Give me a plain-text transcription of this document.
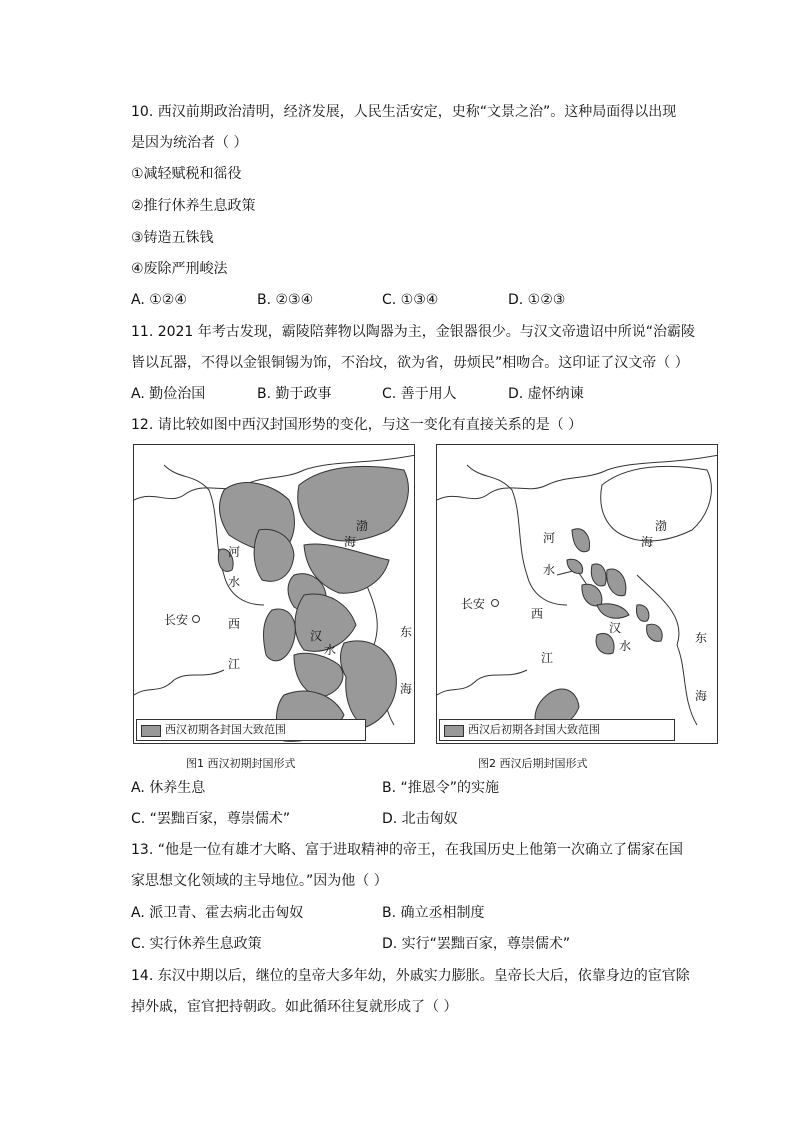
10. 西汉前期政治清明，经济发展，人民生活安定，史称“文景之治”。这种局面得以出现
是因为统治者（ ）
①减轻赋税和徭役
②推行休养生息政策
③铸造五铢钱
④废除严刑峻法
A. ①②④	B. ②③④	C. ①③④	D. ①②③
11. 2021 年考古发现，霸陵陪葬物以陶器为主，金银器很少。与汉文帝遗诏中所说“治霸陵
皆以瓦器，不得以金银铜锡为饰，不治坟，欲为省，毋烦民”相吻合。这印证了汉文帝（ ）
A. 勤俭治国	B. 勤于政事	C. 善于用人	D. 虚怀纳谏
12. 请比较如图中西汉封国形势的变化，与这一变化有直接关系的是（ ）
河
水
长安	西
江
汉
水
渤
海
东
海
西汉初期各封国大致范围
河
水
长安
西
江
汉
水
渤
海
东
海
西汉后初期各封国大致范围
图1 西汉初期封国形式	图2 西汉后期封国形式
A. 休养生息	B. “推恩令”的实施
C. “罢黜百家，尊崇儒术”	D. 北击匈奴
13. “他是一位有雄才大略、富于进取精神的帝王，在我国历史上他第一次确立了儒家在国
家思想文化领域的主导地位。”因为他（ ）
A. 派卫青、霍去病北击匈奴	B. 确立丞相制度
C. 实行休养生息政策	D. 实行“罢黜百家，尊崇儒术”
14. 东汉中期以后，继位的皇帝大多年幼，外戚实力膨胀。皇帝长大后，依靠身边的宦官除
掉外戚，宦官把持朝政。如此循环往复就形成了（ ）
